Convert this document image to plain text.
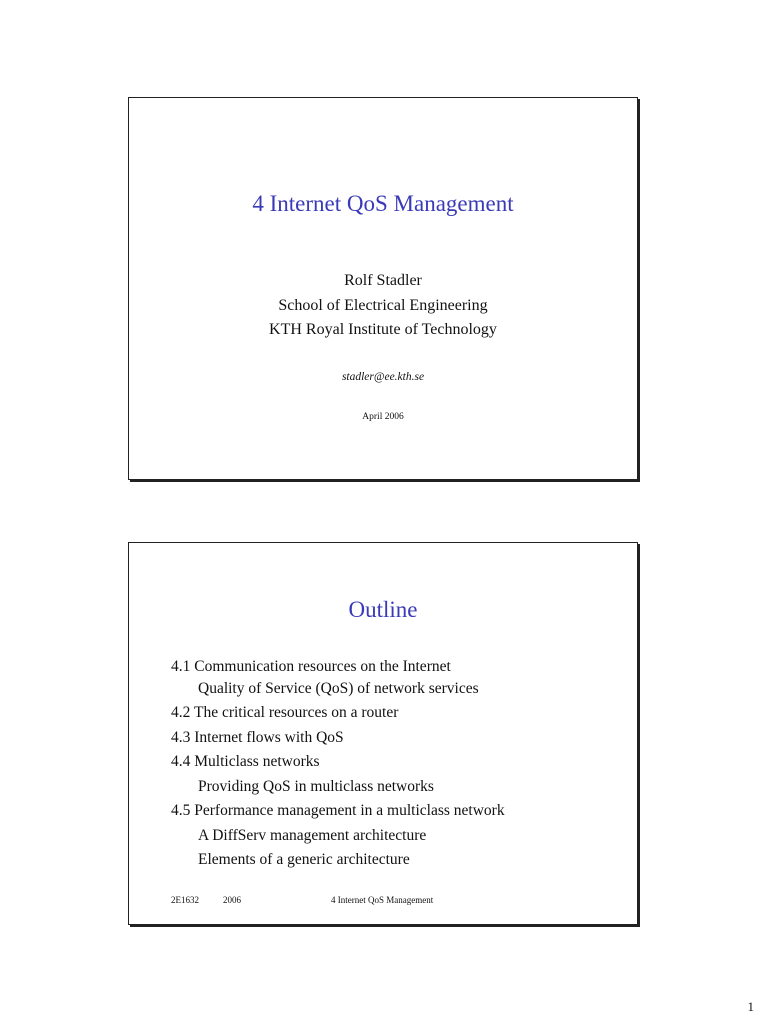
4 Internet QoS Management
Rolf Stadler
School of Electrical Engineering
KTH Royal Institute of Technology
stadler@ee.kth.se
April 2006
Outline
4.1 Communication resources on the Internet
Quality of Service (QoS) of network services
4.2 The critical resources on a router
4.3 Internet flows with QoS
4.4 Multiclass networks
Providing QoS in multiclass networks
4.5 Performance management in a multiclass network
A DiffServ management architecture
Elements of a generic architecture
2E1632	2006	4 Internet QoS Management
1
